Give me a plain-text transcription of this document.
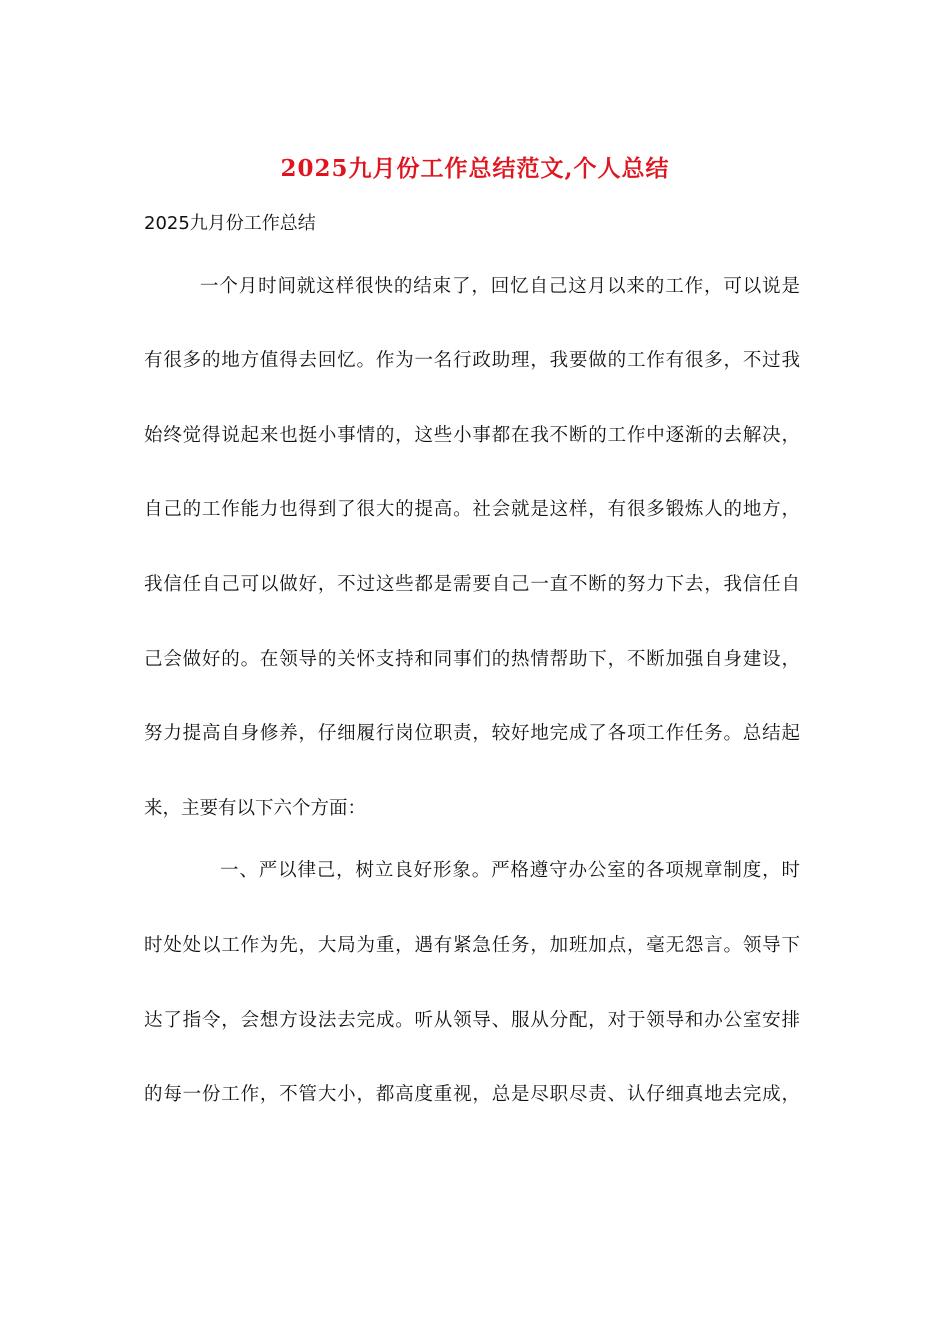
2025九月份工作总结范文,个人总结
2025九月份工作总结
一个月时间就这样很快的结束了，回忆自己这月以来的工作，可以说是
有很多的地方值得去回忆。作为一名行政助理，我要做的工作有很多，不过我
始终觉得说起来也挺小事情的，这些小事都在我不断的工作中逐渐的去解决，
自己的工作能力也得到了很大的提高。社会就是这样，有很多锻炼人的地方，
我信任自己可以做好，不过这些都是需要自己一直不断的努力下去，我信任自
己会做好的。在领导的关怀支持和同事们的热情帮助下，不断加强自身建设，
努力提高自身修养，仔细履行岗位职责，较好地完成了各项工作任务。总结起
来，主要有以下六个方面：
一、严以律己，树立良好形象。严格遵守办公室的各项规章制度，时
时处处以工作为先，大局为重，遇有紧急任务，加班加点，毫无怨言。领导下
达了指令，会想方设法去完成。听从领导、服从分配，对于领导和办公室安排
的每一份工作，不管大小，都高度重视，总是尽职尽责、认仔细真地去完成，
